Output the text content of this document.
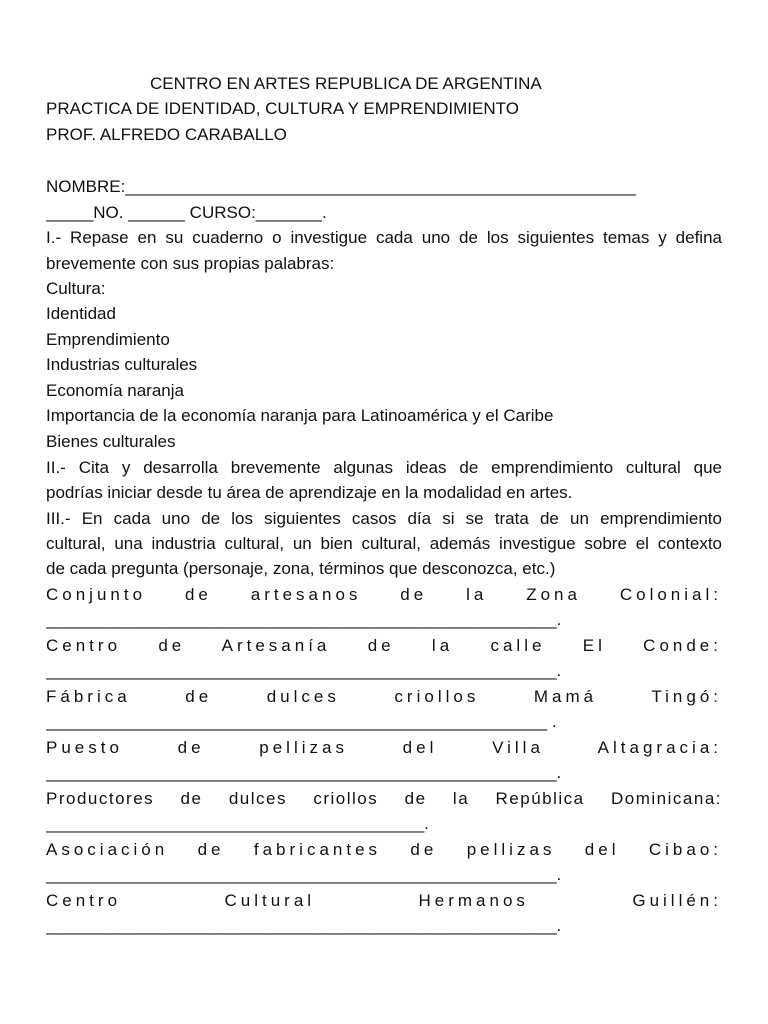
CENTRO EN ARTES REPUBLICA DE ARGENTINA
PRACTICA DE IDENTIDAD, CULTURA Y EMPRENDIMIENTO
PROF. ALFREDO CARABALLO
NOMBRE:______________________________________________________
_____NO. ______ CURSO:_______.
I.- Repase en su cuaderno o investigue cada uno de los siguientes temas y defina
brevemente con sus propias palabras:
Cultura:
Identidad
Emprendimiento
Industrias culturales
Economía naranja
Importancia de la economía naranja para Latinoamérica y el Caribe
Bienes culturales
II.- Cita y desarrolla brevemente algunas ideas de emprendimiento cultural que
podrías iniciar desde tu área de aprendizaje en la modalidad en artes.
III.- En cada uno de los siguientes casos día si se trata de un emprendimiento
cultural, una industria cultural, un bien cultural, además investigue sobre el contexto
de cada pregunta (personaje, zona, términos que desconozca, etc.)
Conjunto de artesanos de la Zona Colonial:
______________________________________________________.
Centro de Artesanía de la calle El Conde:
______________________________________________________.
Fábrica de dulces criollos Mamá Tingó:
_____________________________________________________ .
Puesto de pellizas del Villa Altagracia:
______________________________________________________.
Productores de dulces criollos de la República Dominicana:
________________________________________.
Asociación de fabricantes de pellizas del Cibao:
______________________________________________________.
Centro Cultural Hermanos Guillén:
______________________________________________________.
